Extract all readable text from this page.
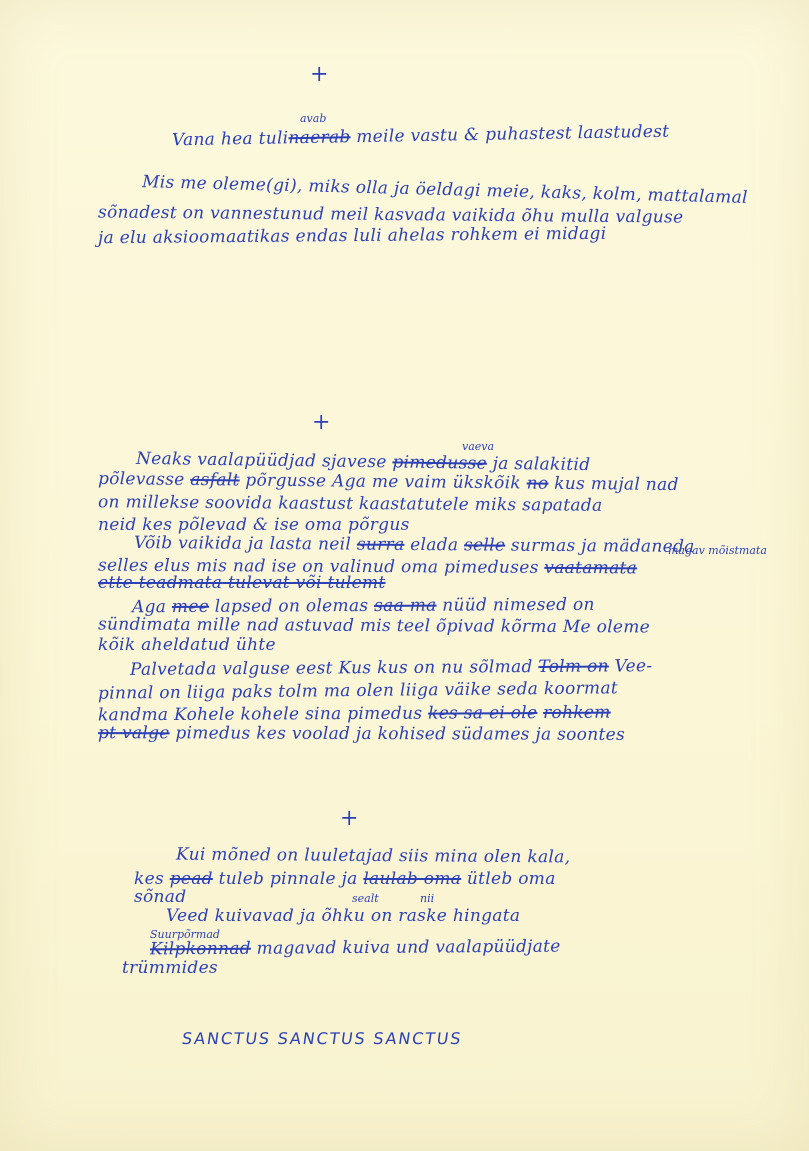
+
avab
Vana hea tulinaerab meile vastu & puhastest laastudest
Mis me oleme(gi), miks olla ja öeldagi meie, kaks, kolm, mattalamal
sõnadest on vannestunud meil kasvada vaikida õhu mulla valguse
ja elu aksioomaatikas endas luli ahelas rohkem ei midagi
+
vaeva
Neaks vaalapüüdjad sjavese pimedusse ja salakitid
põlevasse asfalt põrgusse Aga me vaim ükskõik no kus mujal nad
on millekse soovida kaastust kaastatutele miks sapatada
neid kes põlevad & ise oma põrgus
Võib vaikida ja lasta neil surra elada selle surmas ja mädaneda
magav mõistmata
selles elus mis nad ise on valinud oma pimeduses vaatamata
ette teadmata tulevat või tulemt
Aga mee lapsed on olemas saa ma nüüd nimesed on
sündimata mille nad astuvad mis teel õpivad kõrma Me oleme
kõik aheldatud ühte
Palvetada valguse eest Kus kus on nu sõlmad Tolm on Vee-
pinnal on liiga paks tolm ma olen liiga väike seda koormat
kandma Kohele kohele sina pimedus kes sa ei ole rohkem
pt valge pimedus kes voolad ja kohised südames ja soontes
+
Kui mõned on luuletajad siis mina olen kala,
kes pead tuleb pinnale ja laulab oma ütleb oma
sõnad	sealt	nii
Veed kuivavad ja õhku on raske hingata
Suurpõrmad
Kilpkonnad magavad kuiva und vaalapüüdjate
trümmides
SANCTUS SANCTUS SANCTUS
